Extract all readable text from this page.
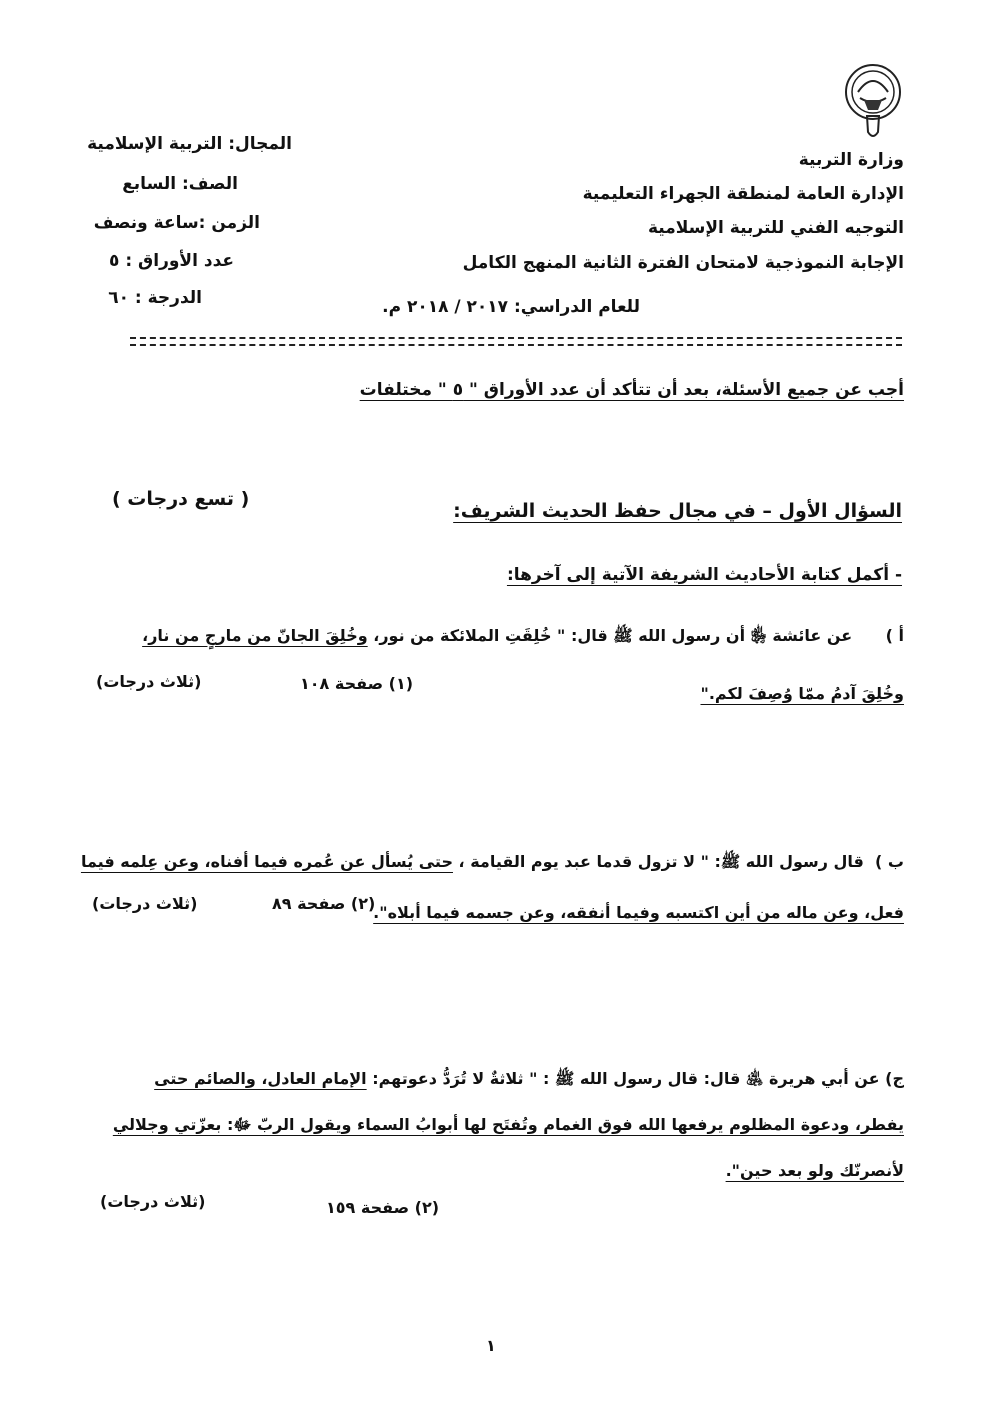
وزارة التربية
الإدارة العامة لمنطقة الجهراء التعليمية
التوجيه الفني للتربية الإسلامية
الإجابة النموذجية لامتحان الفترة الثانية المنهج الكامل
للعام الدراسي: ٢٠١٧ / ٢٠١٨ م.
المجال: التربية الإسلامية
الصف: السابع
الزمن :ساعة ونصف
عدد الأوراق : ٥
الدرجة : ٦٠
أجب عن جميع الأسئلة، بعد أن تتأكد أن عدد الأوراق " ٥ " مختلفات
السؤال الأول – في مجال حفظ الحديث الشريف:
( تسع درجات )
- أكمل كتابة الأحاديث الشريفة الآتية إلى آخرها:
أ )      عن عائشة ﵂ أن رسول الله ﷺ قال: " خُلِقَتِ الملائكة من نور، وخُلِقَ الجانّ من مارجٍ من نار،
وخُلِقَ آدمُ ممّا وُصِفَ لكم."
(١) صفحة ١٠٨
(ثلاث درجات)
ب )  قال رسول الله ﷺ: " لا تزول قدما عبد يوم القيامة ، حتى يُسأل عن عُمره فيما أفناه، وعن عِلمه فيما
فعل، وعن ماله من أين اكتسبه وفيما أنفقه، وعن جسمه فيما أبلاه".
(٢) صفحة ٨٩
(ثلاث درجات)
ج) عن أبي هريرة ﵁ قال: قال رسول الله ﷺ : " ثلاثةٌ لا تُرَدُّ دعوتهم: الإمام العادل، والصائم حتى
يفطر، ودعوة المظلوم يرفعها الله فوق الغمام وتُفتَح لها أبوابُ السماء ويقول الربّ ﷻ: بعزّتي وجلالي
لأنصرنّك ولو بعد حين".
(٢) صفحة ١٥٩
(ثلاث درجات)
١
